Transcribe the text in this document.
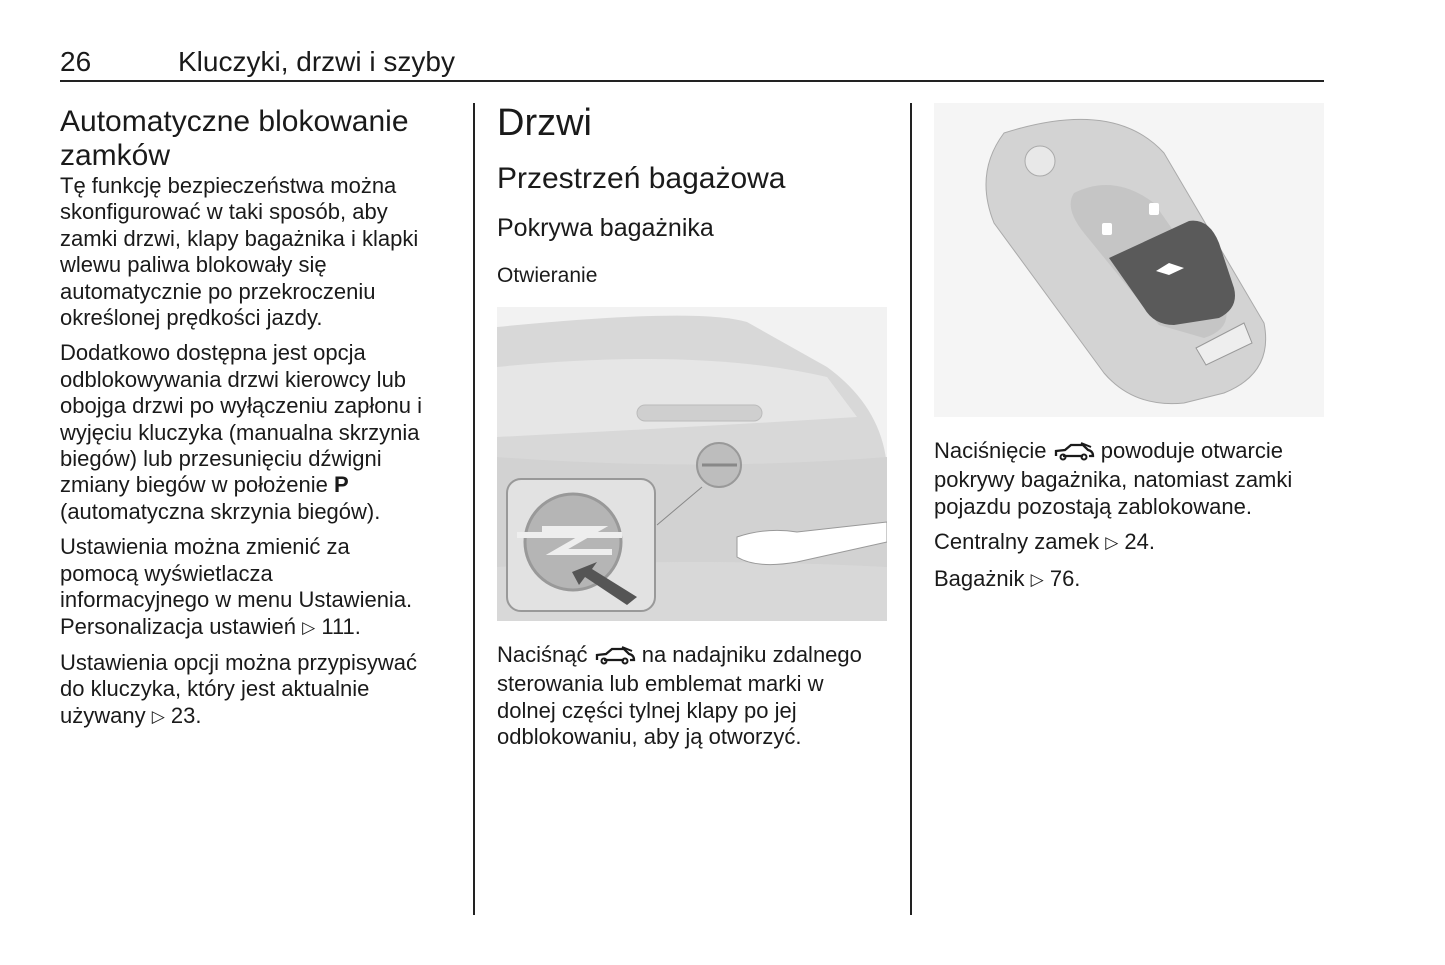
26	Kluczyki, drzwi i szyby
Automatyczne blokowanie
zamków
Tę funkcję bezpieczeństwa można
skonfigurować w taki sposób, aby
zamki drzwi, klapy bagażnika i klapki
wlewu paliwa blokowały się
automatycznie po przekroczeniu
określonej prędkości jazdy.
Dodatkowo dostępna jest opcja
odblokowywania drzwi kierowcy lub
obojga drzwi po wyłączeniu zapłonu i
wyjęciu kluczyka (manualna skrzynia
biegów) lub przesunięciu dźwigni
zmiany biegów w położenie P
(automatyczna skrzynia biegów).
Ustawienia można zmienić za
pomocą wyświetlacza
informacyjnego w menu Ustawienia.
Personalizacja ustawień ▷ 111.
Ustawienia opcji można przypisywać
do kluczyka, który jest aktualnie
używany ▷ 23.
Drzwi
Przestrzeń bagażowa
Pokrywa bagażnika
Otwieranie
Naciśnąć  na nadajniku zdalnego
sterowania lub emblemat marki w
dolnej części tylnej klapy po jej
odblokowaniu, aby ją otworzyć.
Naciśnięcie  powoduje otwarcie
pokrywy bagażnika, natomiast zamki
pojazdu pozostają zablokowane.
Centralny zamek ▷ 24.
Bagażnik ▷ 76.
